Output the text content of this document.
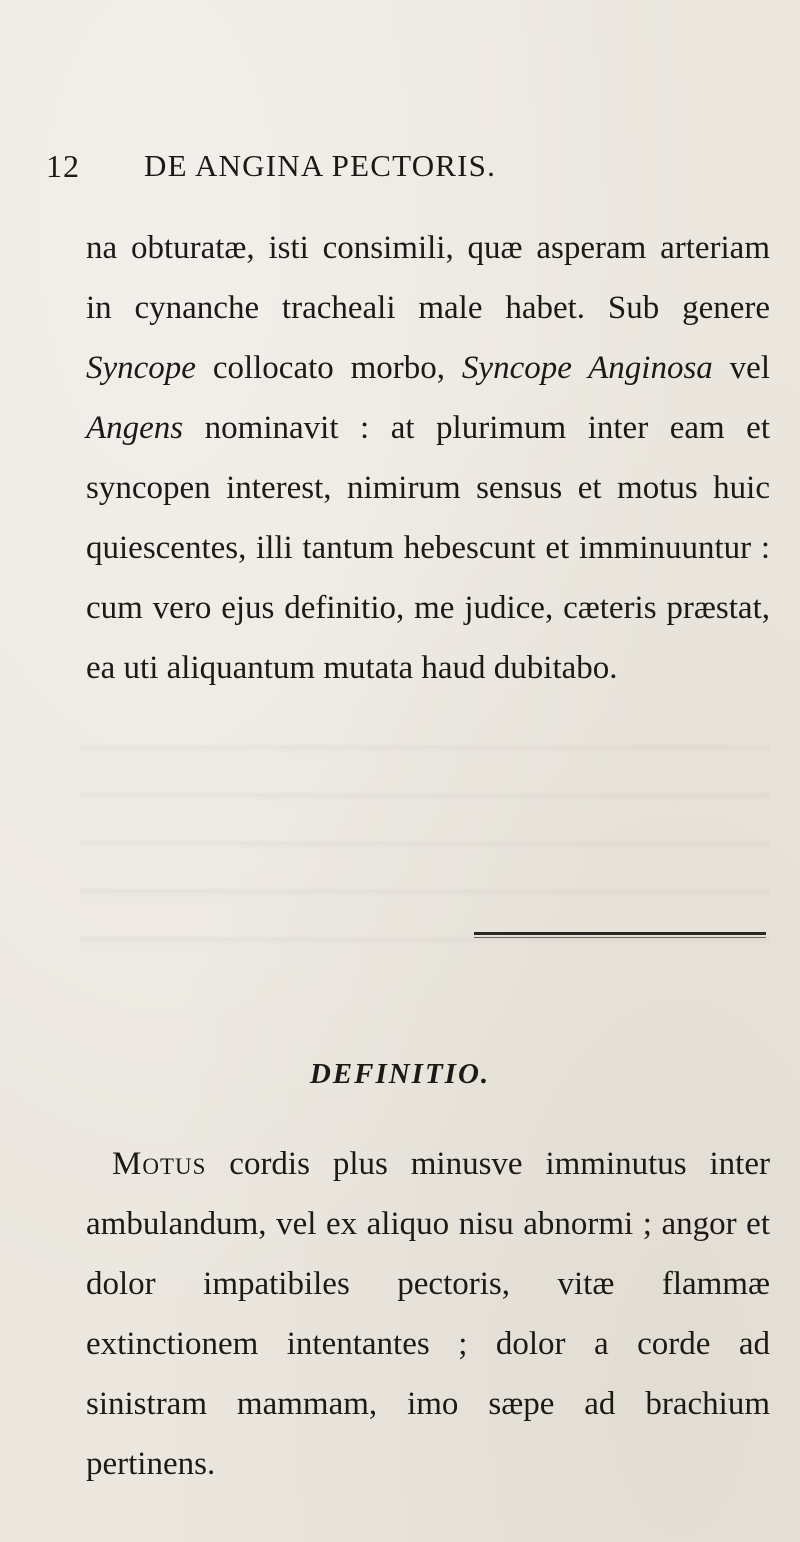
12 DE ANGINA PECTORIS.

na obturatæ, isti consimili, quæ asperam arteriam in cynanche tracheali male habet. Sub genere Syncope collocato morbo, Syncope Anginosa vel Angens nominavit : at plurimum inter eam et syncopen interest, nimirum sensus et motus huic quiescentes, illi tantum hebescunt et imminuuntur : cum vero ejus definitio, me judice, cæteris præstat, ea uti aliquantum mutata haud dubitabo.

DEFINITIO.

Motus cordis plus minusve imminutus inter ambulandum, vel ex aliquo nisu abnormi ; angor et dolor impatibiles pectoris, vitæ flammæ extinctionem intentantes ; dolor a corde ad sinistram mammam, imo sæpe ad brachium pertinens.
